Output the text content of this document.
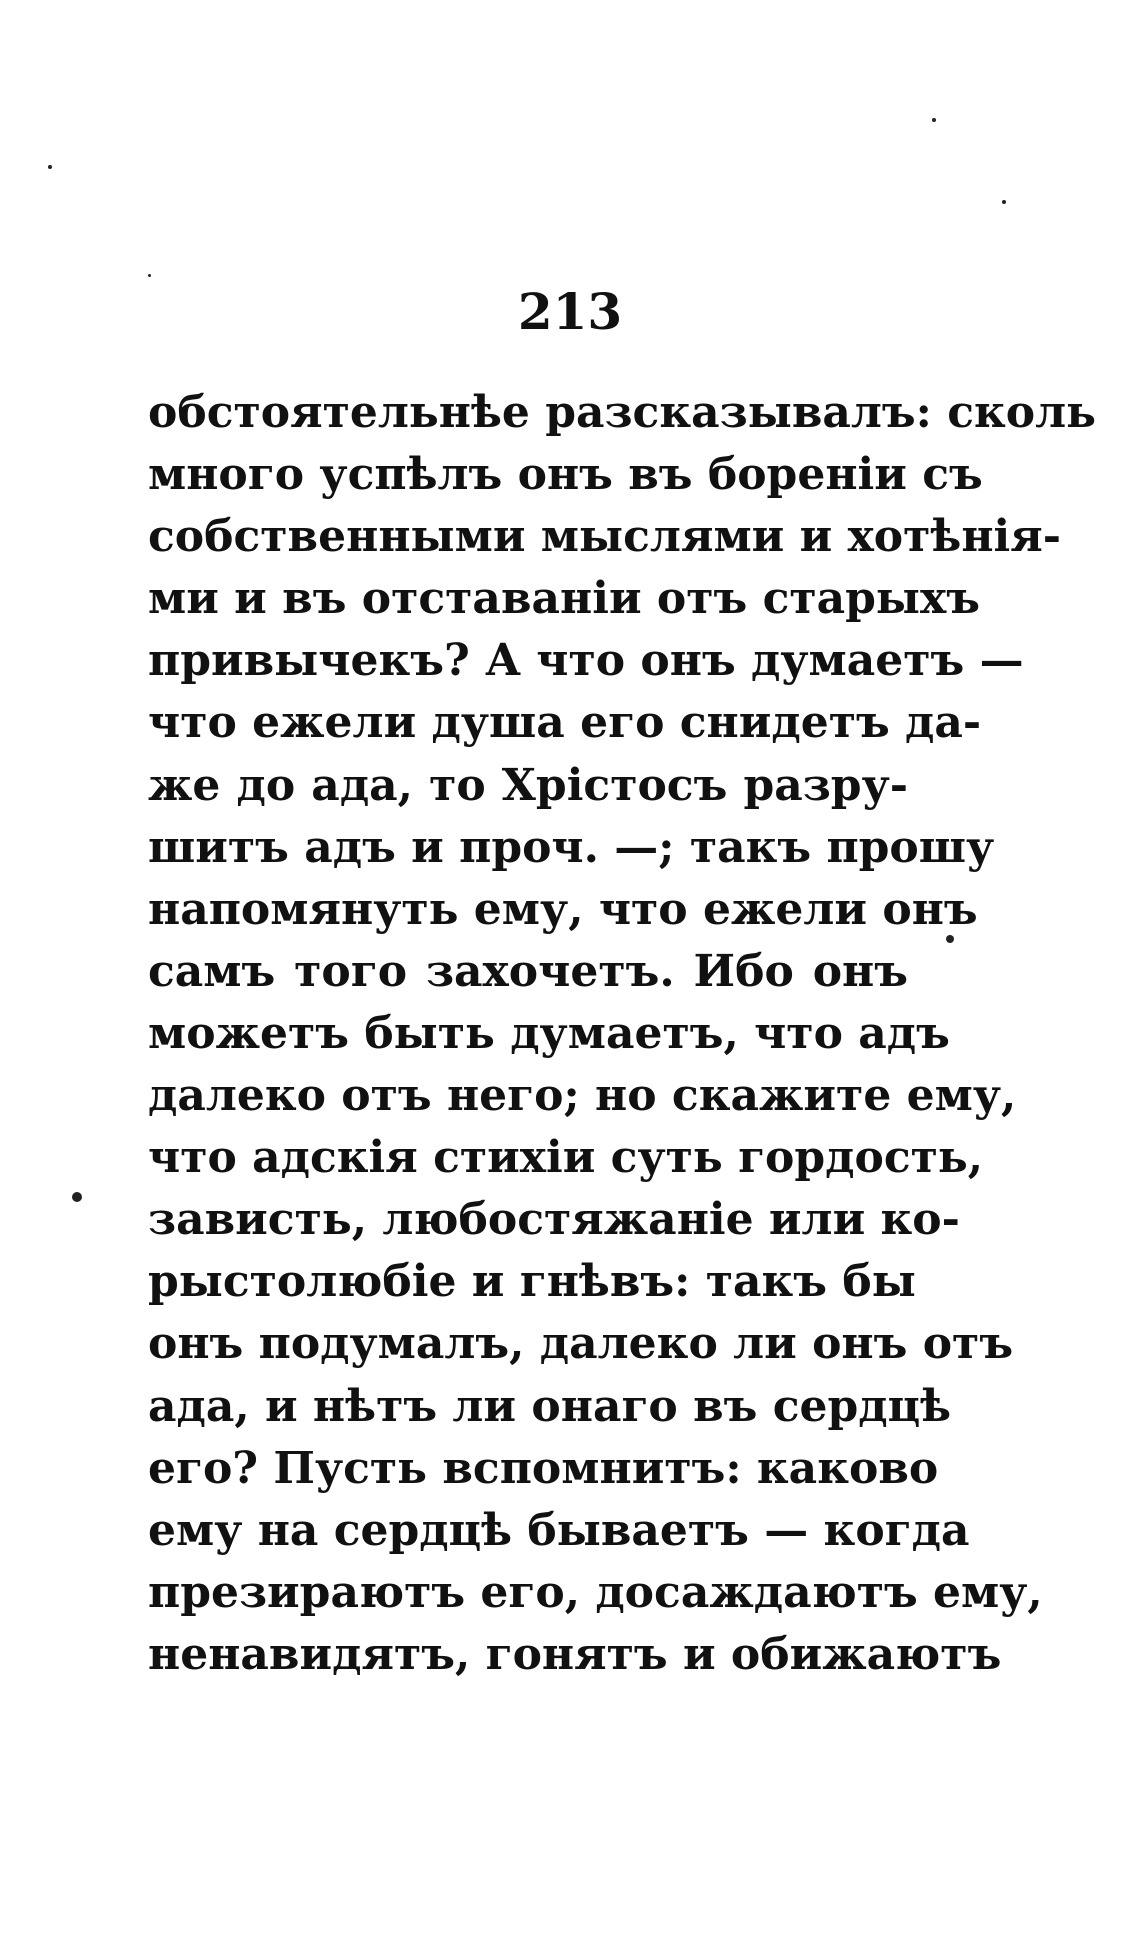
213
обстоятельнѣе разсказывалъ: сколь
много успѣлъ онъ въ бореніи съ
собственными мыслями и хотѣнія-
ми и въ отставаніи отъ старыхъ
привычекъ? А что онъ думаетъ —
что ежели душа его снидетъ да-
же до ада, то Хрістосъ разру-
шитъ адъ и проч. —; такъ прошу
напомянуть ему, что ежели онъ
самъ того захочетъ. Ибо онъ
можетъ быть думаетъ, что адъ
далеко отъ него; но скажите ему,
что адскія стихіи суть гордость,
зависть, любостяжаніе или ко-
рыстолюбіе и гнѣвъ: такъ бы
онъ подумалъ, далеко ли онъ отъ
ада, и нѣтъ ли онаго въ сердцѣ
его? Пусть вспомнитъ: каково
ему на сердцѣ бываетъ — когда
презираютъ его, досаждаютъ ему,
ненавидятъ, гонятъ и обижаютъ
